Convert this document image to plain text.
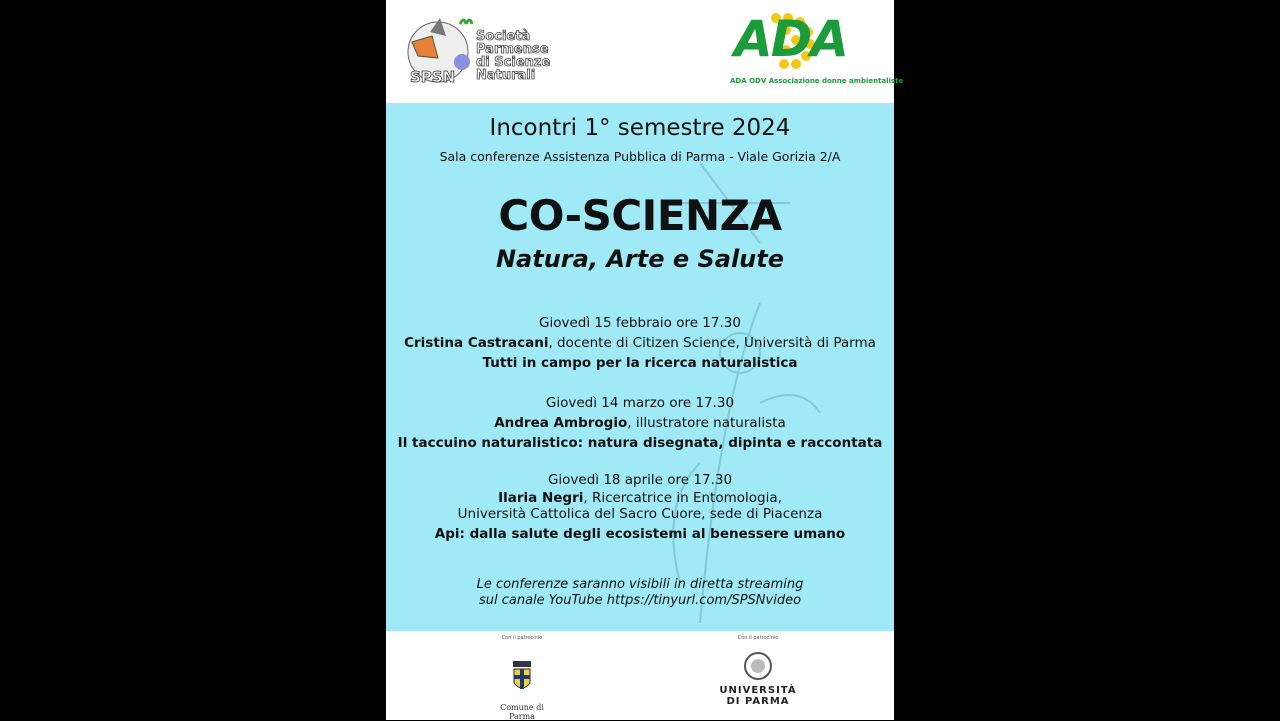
Società
Parmense
di Scienze
Naturali
SPSN
ADA
ADA ODV Associazione donne ambientaliste
Incontri 1° semestre 2024
Sala conferenze Assistenza Pubblica di Parma - Viale Gorizia 2/A
CO-SCIENZA
Natura, Arte e Salute
Giovedì 15 febbraio ore 17.30
Cristina Castracani, docente di Citizen Science, Università di Parma
Tutti in campo per la ricerca naturalistica
Giovedì 14 marzo ore 17.30
Andrea Ambrogio, illustratore naturalista
Il taccuino naturalistico: natura disegnata, dipinta e raccontata
Giovedì 18 aprile ore 17.30
Ilaria Negri, Ricercatrice in Entomologia,
Università Cattolica del Sacro Cuore, sede di Piacenza
Api: dalla salute degli ecosistemi al benessere umano
Le conferenze saranno visibili in diretta streaming
sul canale YouTube https://tinyurl.com/SPSNvideo
Con il patrocinio
Comune di Parma
Con il patrocinio
UNIVERSITÀ
DI PARMA
